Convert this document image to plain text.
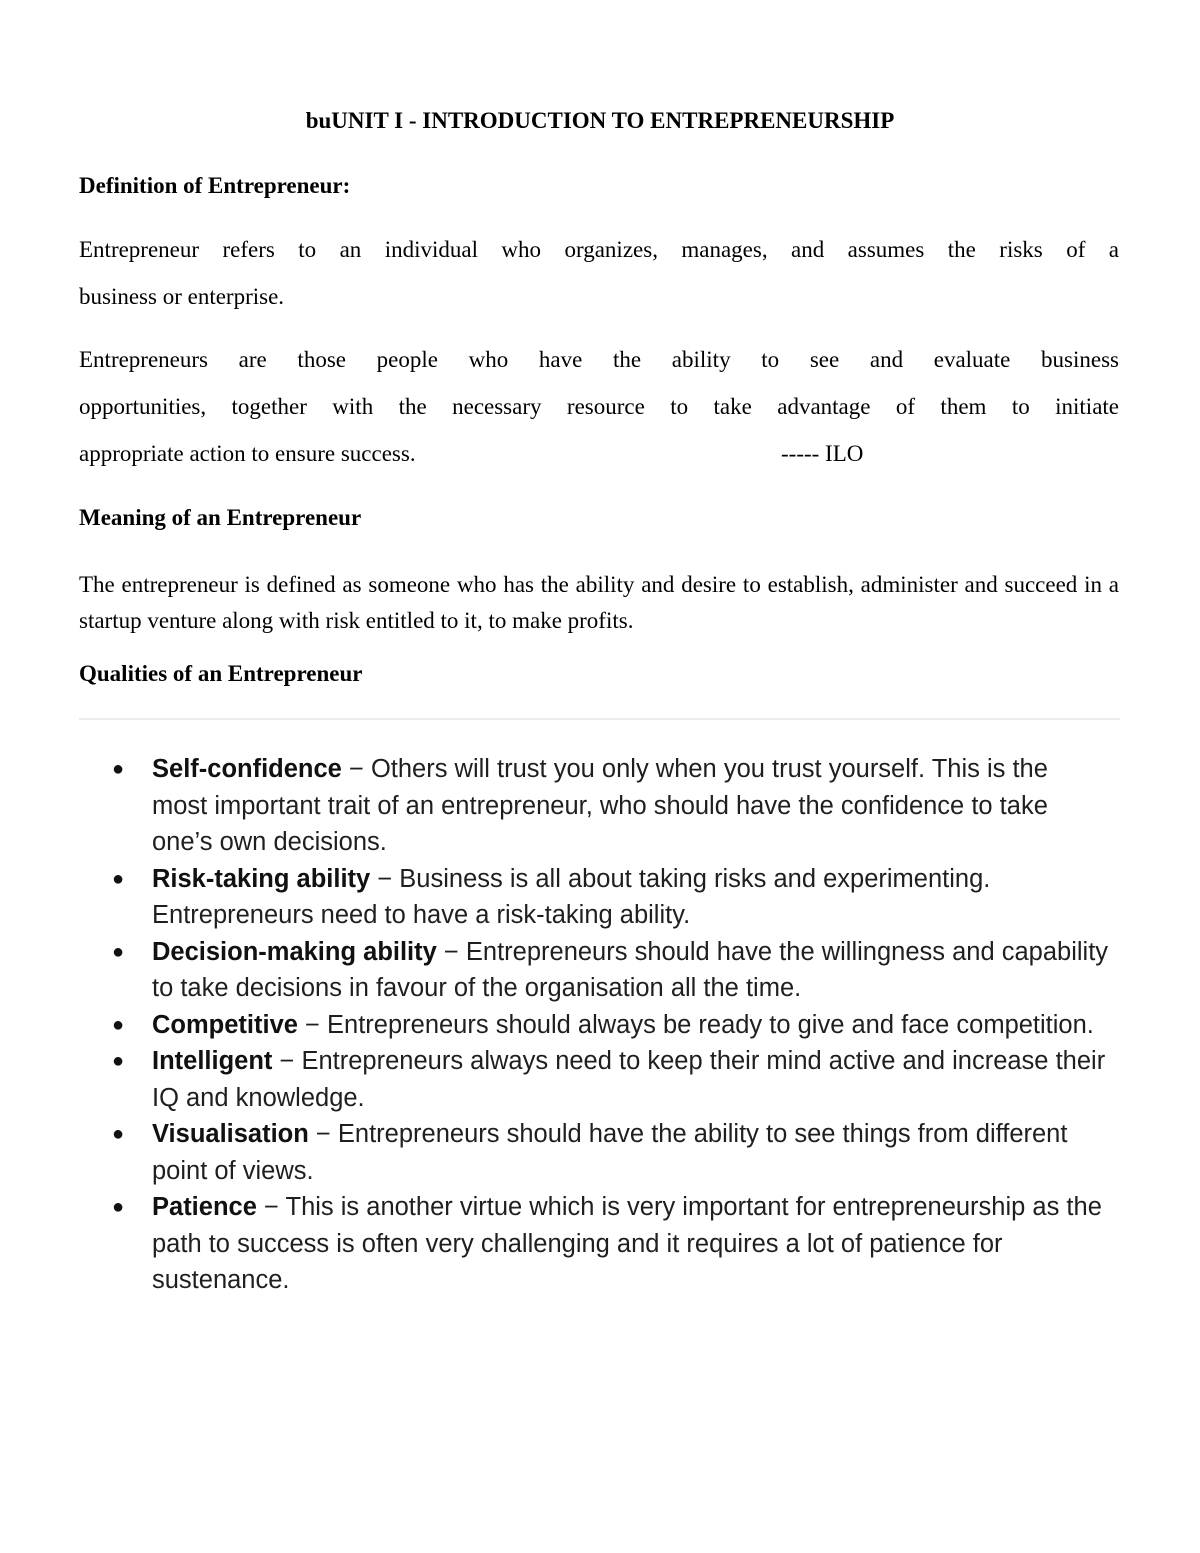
buUNIT I - INTRODUCTION TO ENTREPRENEURSHIP
Definition of Entrepreneur:
Entrepreneur refers to an individual who organizes, manages, and assumes the risks of a
business or enterprise.
Entrepreneurs are those people who have the ability to see and evaluate business
opportunities, together with the necessary resource to take advantage of them to initiate
appropriate action to ensure success.	----- ILO
Meaning of an Entrepreneur

The entrepreneur is defined as someone who has the ability and desire to establish, administer and succeed in a startup venture along with risk entitled to it, to make profits.

Qualities of an Entrepreneur
● Self-confidence − Others will trust you only when you trust yourself. This is the most important trait of an entrepreneur, who should have the confidence to take one’s own decisions.
● Risk-taking ability − Business is all about taking risks and experimenting. Entrepreneurs need to have a risk-taking ability.
● Decision-making ability − Entrepreneurs should have the willingness and capability to take decisions in favour of the organisation all the time.
● Competitive − Entrepreneurs should always be ready to give and face competition.
● Intelligent − Entrepreneurs always need to keep their mind active and increase their IQ and knowledge.
● Visualisation − Entrepreneurs should have the ability to see things from different point of views.
● Patience − This is another virtue which is very important for entrepreneurship as the path to success is often very challenging and it requires a lot of patience for sustenance.
